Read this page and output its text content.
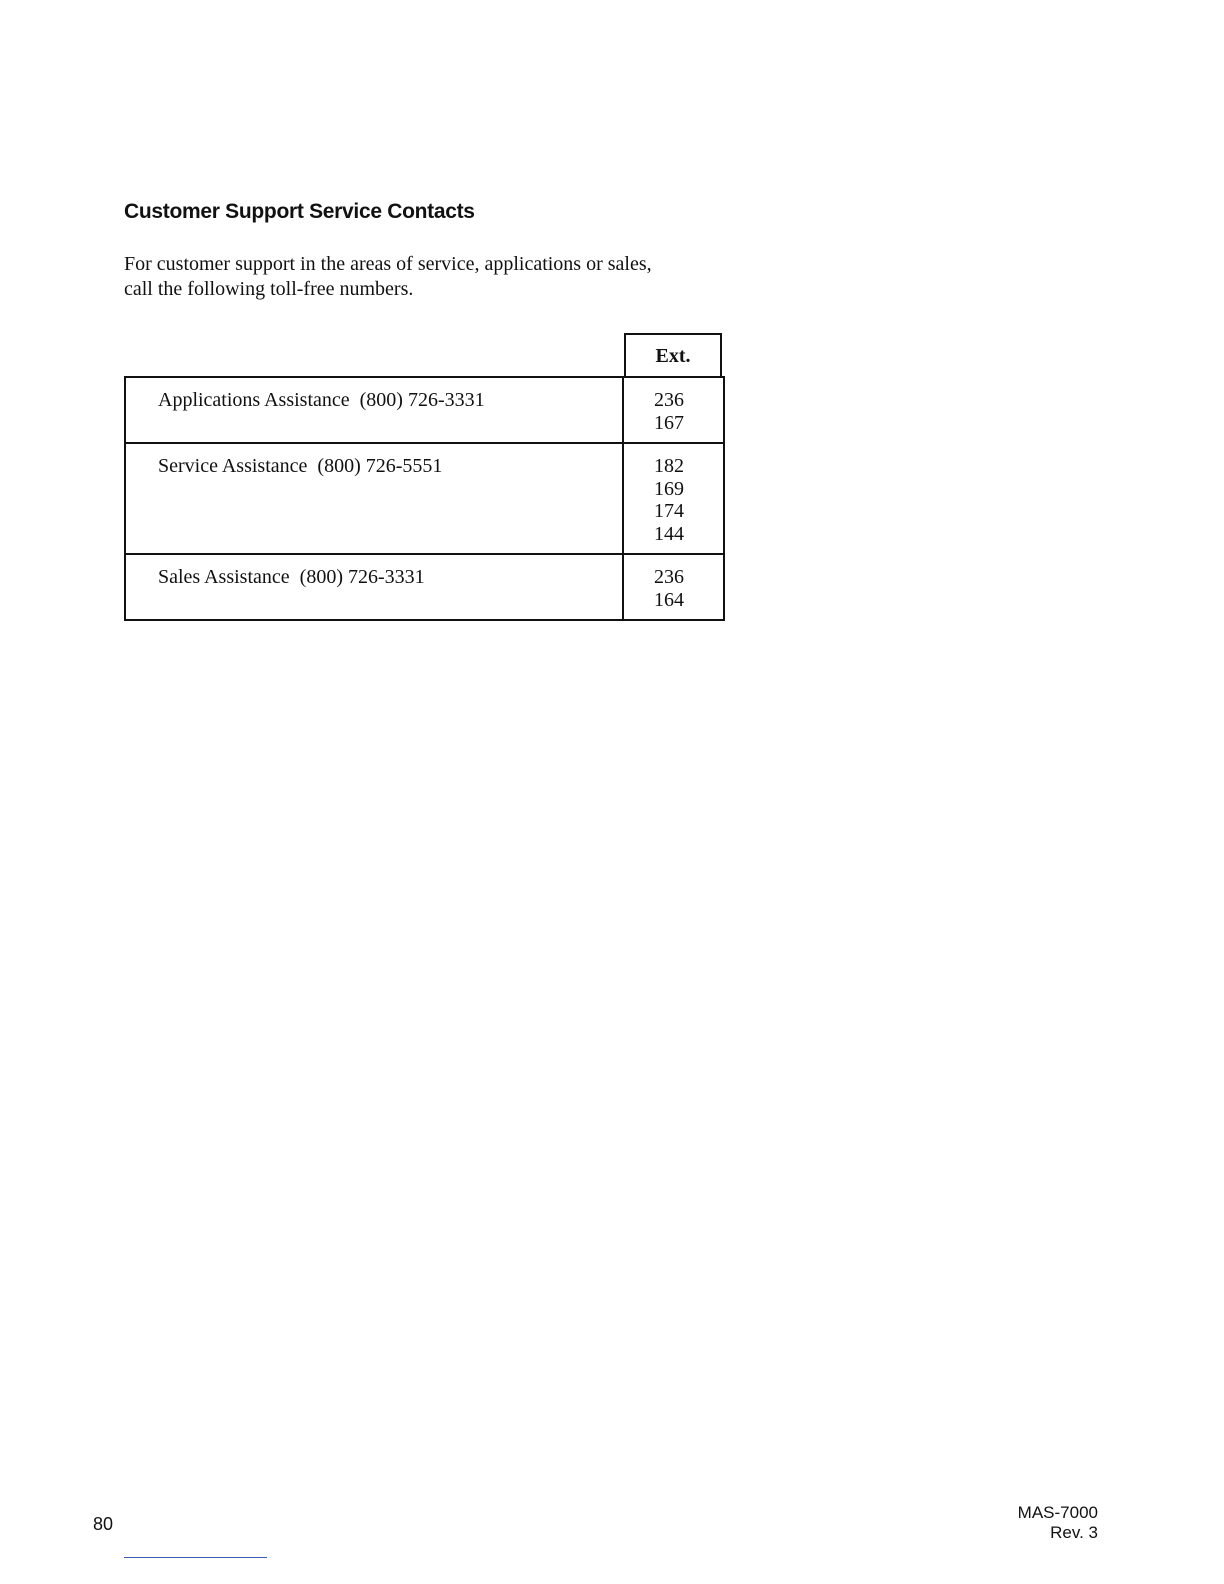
Customer Support Service Contacts
For customer support in the areas of service, applications or sales,
call the following toll-free numbers.
Ext.
Applications Assistance (800) 726-3331	236
167
Service Assistance (800) 726-5551	182
169
174
144
Sales Assistance (800) 726-3331	236
164
80
MAS-7000
Rev. 3
